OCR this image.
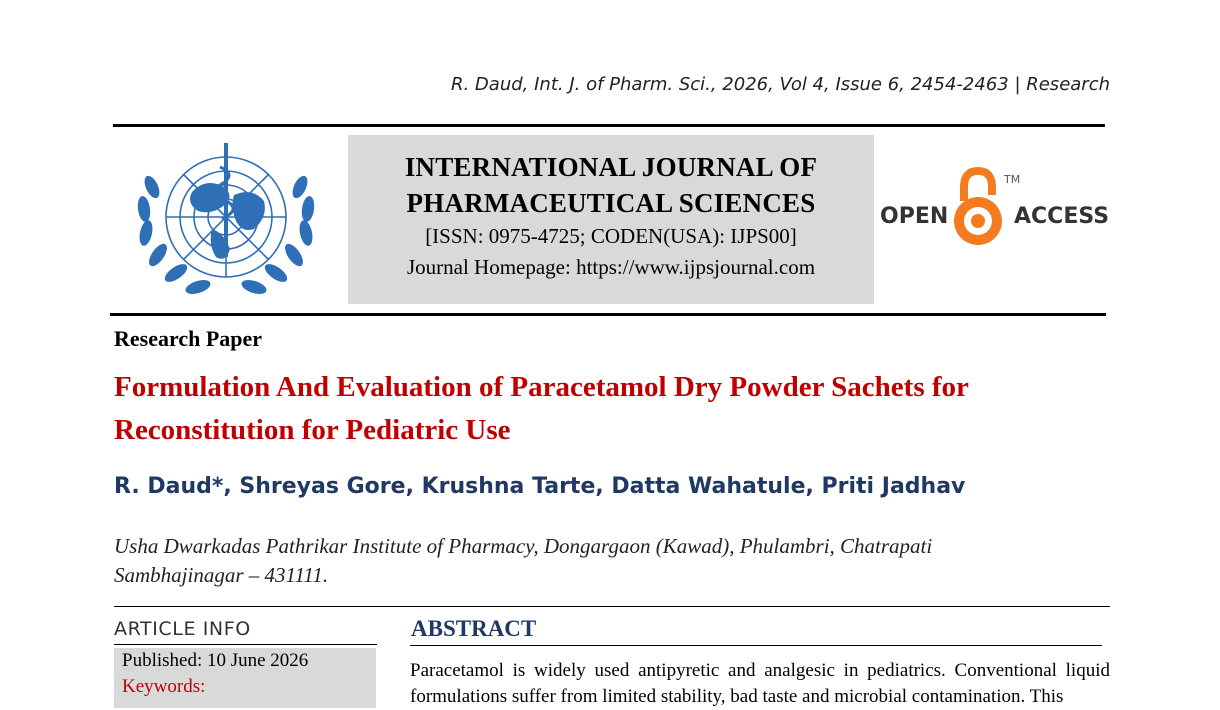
R. Daud, Int. J. of Pharm. Sci., 2026, Vol 4, Issue 6, 2454-2463 | Research
INTERNATIONAL JOURNAL OF
PHARMACEUTICAL SCIENCES
[ISSN: 0975-4725; CODEN(USA): IJPS00]
Journal Homepage: https://www.ijpsjournal.com
OPEN	ACCESS
TM
Research Paper
Formulation And Evaluation of Paracetamol Dry Powder Sachets for Reconstitution for Pediatric Use
R. Daud*, Shreyas Gore, Krushna Tarte, Datta Wahatule, Priti Jadhav
Usha Dwarkadas Pathrikar Institute of Pharmacy, Dongargaon (Kawad), Phulambri, Chatrapati Sambhajinagar – 431111.
ARTICLE INFO
Published: 10 June 2026
Keywords:
ABSTRACT
Paracetamol is widely used antipyretic and analgesic in pediatrics. Conventional liquid formulations suffer from limited stability, bad taste and microbial contamination. This
